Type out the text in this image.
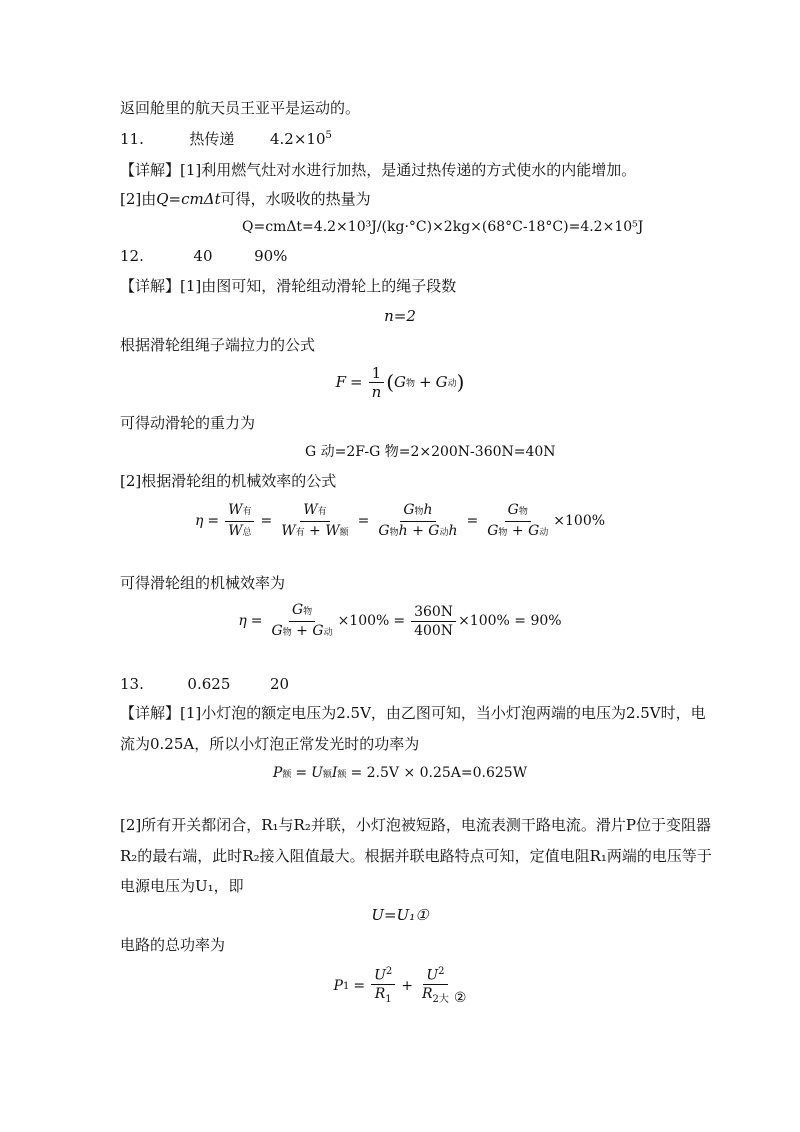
返回舱里的航天员王亚平是运动的。
11.	热传递 $4.2\times 10^5$
【详解】[1]利用燃气灶对水进行加热，是通过热传递的方式使水的内能增加。
[2]由Q=cmΔt可得，水吸收的热量为
Q=cmΔt=4.2×10³J/(kg·°C)×2kg×(68°C-18°C)=4.2×10⁵J
12.	40	90%
【详解】[1]由图可知，滑轮组动滑轮上的绳子段数
n=2
根据滑轮组绳子端拉力的公式
$F = \frac{1}{n}$ ( G 物 + G 动 )
可得动滑轮的重力为
G 动=2F-G 物=2×200N-360N=40N
[2]根据滑轮组的机械效率的公式
$\eta = \frac{\text{W有}}{\text{W总}} = \frac{\text{W有}}{\text{W有 + W额}} = \frac{\text{G物h}}{\text{G物h + G动h}} = \frac{\text{G物}}{\text{G物 + G动}} \times 100\%$
可得滑轮组的机械效率为
$\eta = \frac{\text{G物}}{\text{G物 + G动}} \times 100\% = \frac{360N}{400N} \times 100\% = 90\%$
13.	0.625	20
【详解】[1]小灯泡的额定电压为2.5V，由乙图可知，当小灯泡两端的电压为2.5V时，电
流为0.25A，所以小灯泡正常发光时的功率为
P 额 = U 额 I 额 = 2.5V × 0.25A=0.625W
[2]所有开关都闭合，R₁与R₂并联，小灯泡被短路，电流表测干路电流。滑片P位于变阻器
R₂的最右端，此时R₂接入阻值最大。根据并联电路特点可知，定值电阻R₁两端的电压等于
电源电压为U₁，即
U=U₁①
电路的总功率为
P $1 = \frac{U^2}{R_1} + \frac{U^2}{R_{2大}}$ ②
